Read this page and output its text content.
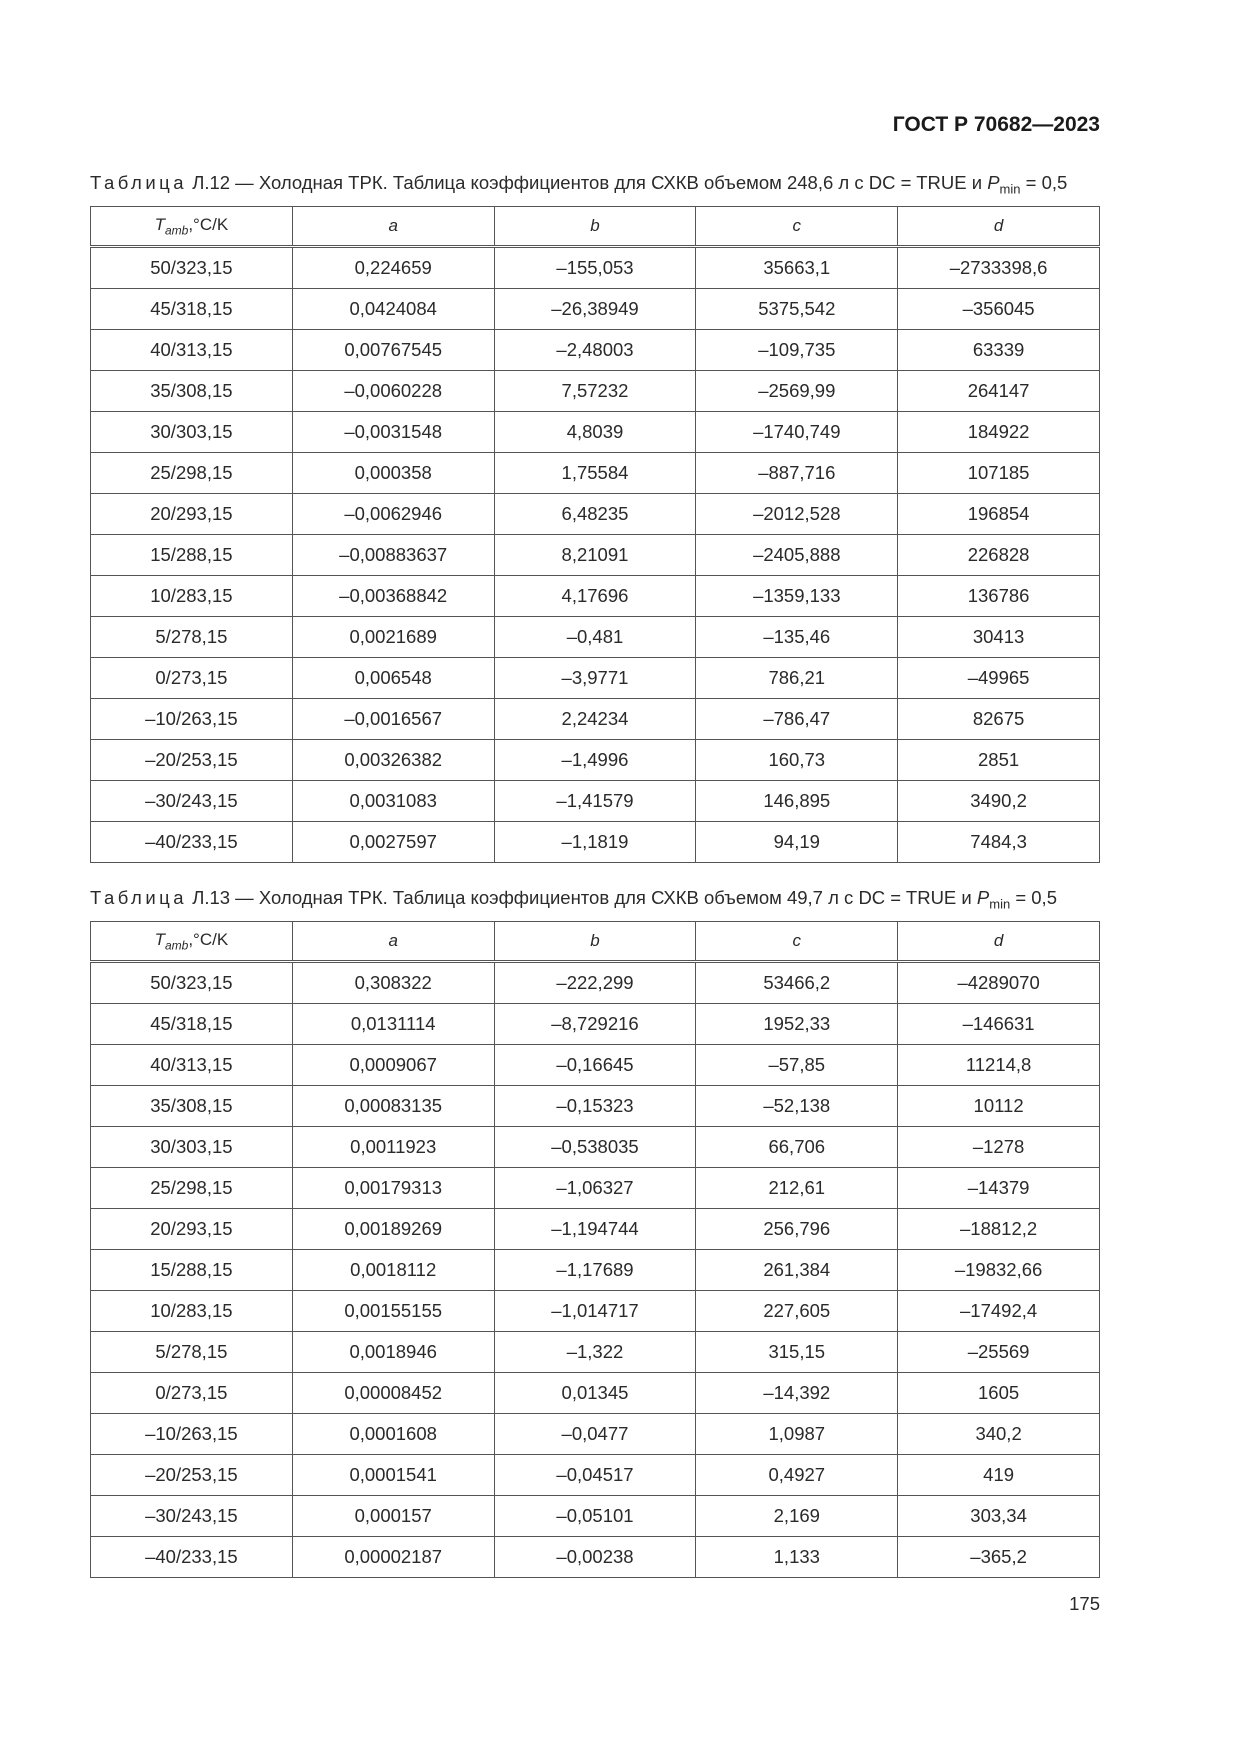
ГОСТ Р 70682—2023
Таблица Л.12 — Холодная ТРК. Таблица коэффициентов для СХКВ объемом 248,6 л с DC = TRUE и $P_{min} = 0,5$
$T_{amb},^\circ C/K$	a	b	c	d
50/323,15	0,224659	–155,053	35663,1	–2733398,6
45/318,15	0,0424084	–26,38949	5375,542	–356045
40/313,15	0,00767545	–2,48003	–109,735	63339
35/308,15	–0,0060228	7,57232	–2569,99	264147
30/303,15	–0,0031548	4,8039	–1740,749	184922
25/298,15	0,000358	1,75584	–887,716	107185
20/293,15	–0,0062946	6,48235	–2012,528	196854
15/288,15	–0,00883637	8,21091	–2405,888	226828
10/283,15	–0,00368842	4,17696	–1359,133	136786
5/278,15	0,0021689	–0,481	–135,46	30413
0/273,15	0,006548	–3,9771	786,21	–49965
–10/263,15	–0,0016567	2,24234	–786,47	82675
–20/253,15	0,00326382	–1,4996	160,73	2851
–30/243,15	0,0031083	–1,41579	146,895	3490,2
–40/233,15	0,0027597	–1,1819	94,19	7484,3
Таблица Л.13 — Холодная ТРК. Таблица коэффициентов для СХКВ объемом 49,7 л с DC = TRUE и $P_{min} = 0,5$
$T_{amb},^\circ C/K$	a	b	c	d
50/323,15	0,308322	–222,299	53466,2	–4289070
45/318,15	0,0131114	–8,729216	1952,33	–146631
40/313,15	0,0009067	–0,16645	–57,85	11214,8
35/308,15	0,00083135	–0,15323	–52,138	10112
30/303,15	0,0011923	–0,538035	66,706	–1278
25/298,15	0,00179313	–1,06327	212,61	–14379
20/293,15	0,00189269	–1,194744	256,796	–18812,2
15/288,15	0,0018112	–1,17689	261,384	–19832,66
10/283,15	0,00155155	–1,014717	227,605	–17492,4
5/278,15	0,0018946	–1,322	315,15	–25569
0/273,15	0,00008452	0,01345	–14,392	1605
–10/263,15	0,0001608	–0,0477	1,0987	340,2
–20/253,15	0,0001541	–0,04517	0,4927	419
–30/243,15	0,000157	–0,05101	2,169	303,34
–40/233,15	0,00002187	–0,00238	1,133	–365,2
175
